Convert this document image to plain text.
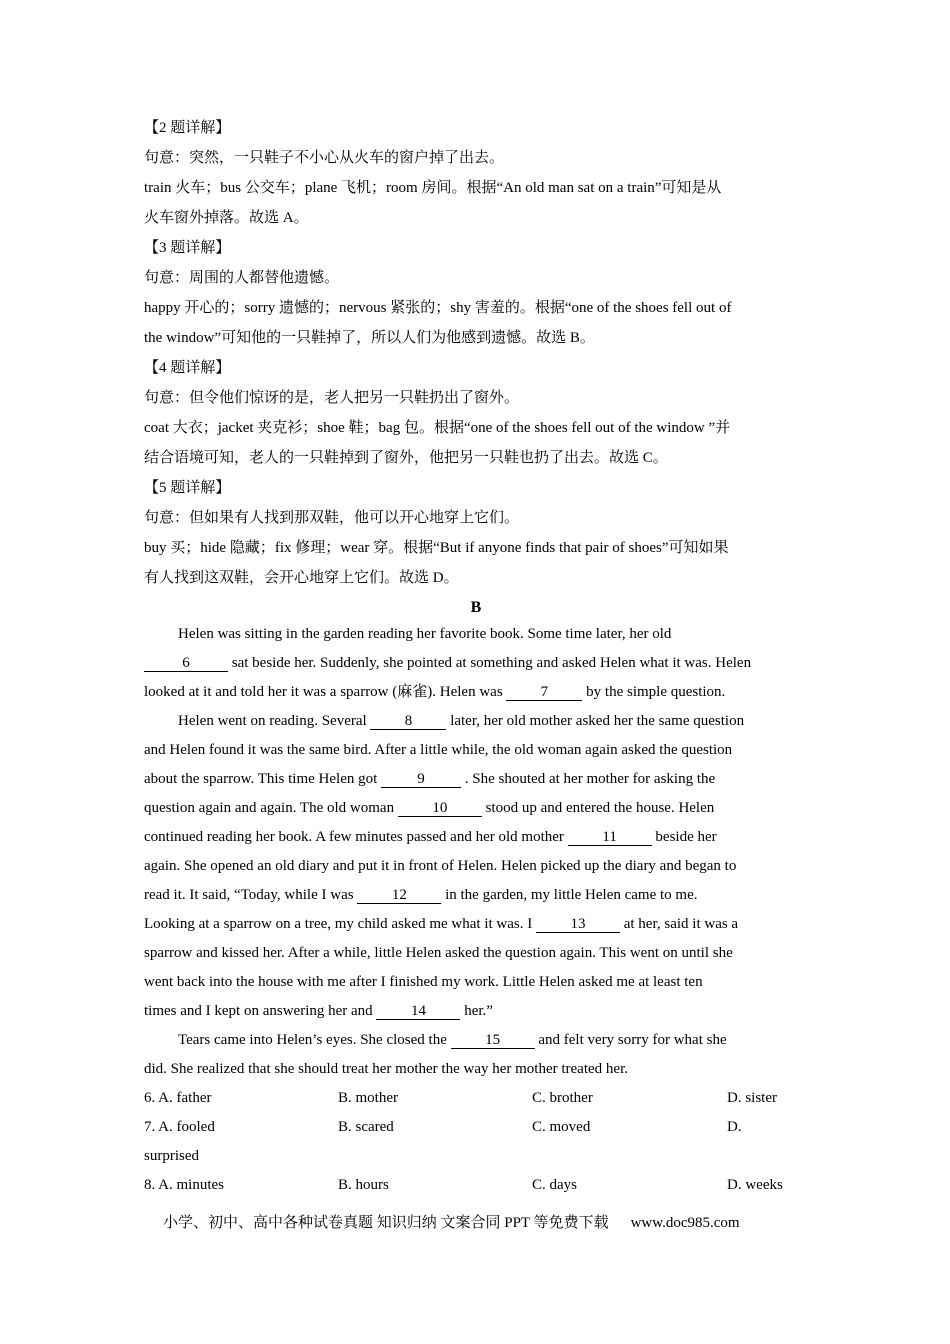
【2 题详解】
句意：突然，一只鞋子不小心从火车的窗户掉了出去。
train 火车；bus 公交车；plane 飞机；room 房间。根据“An old man sat on a train”可知是从
火车窗外掉落。故选 A。
【3 题详解】
句意：周围的人都替他遗憾。
happy 开心的；sorry 遗憾的；nervous 紧张的；shy 害羞的。根据“one of the shoes fell out of
the window”可知他的一只鞋掉了，所以人们为他感到遗憾。故选 B。
【4 题详解】
句意：但令他们惊讶的是，老人把另一只鞋扔出了窗外。
coat 大衣；jacket 夹克衫；shoe 鞋；bag 包。根据“one of the shoes fell out of the window ”并
结合语境可知，老人的一只鞋掉到了窗外，他把另一只鞋也扔了出去。故选 C。
【5 题详解】
句意：但如果有人找到那双鞋，他可以开心地穿上它们。
buy 买；hide 隐藏；fix 修理；wear 穿。根据“But if anyone finds that pair of shoes”可知如果
有人找到这双鞋，会开心地穿上它们。故选 D。
B
Helen was sitting in the garden reading her favorite book. Some time later, her old
6	sat beside her. Suddenly, she pointed at something and asked Helen what it was. Helen
looked at it and told her it was a sparrow (麻雀). Helen was 7 by the simple question.
Helen went on reading. Several 8 later, her old mother asked her the same question
and Helen found it was the same bird. After a little while, the old woman again asked the question
about the sparrow. This time Helen got 9 . She shouted at her mother for asking the
question again and again. The old woman 10 stood up and entered the house. Helen
continued reading her book. A few minutes passed and her old mother 11 beside her
again. She opened an old diary and put it in front of Helen. Helen picked up the diary and began to
read it. It said, “Today, while I was 12 in the garden, my little Helen came to me.
Looking at a sparrow on a tree, my child asked me what it was. I 13 at her, said it was a
sparrow and kissed her. After a while, little Helen asked the question again. This went on until she
went back into the house with me after I finished my work. Little Helen asked me at least ten
times and I kept on answering her and 14 her.”
Tears came into Helen’s eyes. She closed the 15 and felt very sorry for what she
did. She realized that she should treat her mother the way her mother treated her.
6. A. father	B. mother	C. brother	D. sister
7. A. fooled	B. scared	C. moved	D.
surprised
8. A. minutes	B. hours	C. days	D. weeks
小学、初中、高中各种试卷真题 知识归纳 文案合同 PPT 等免费下载 www.doc985.com
